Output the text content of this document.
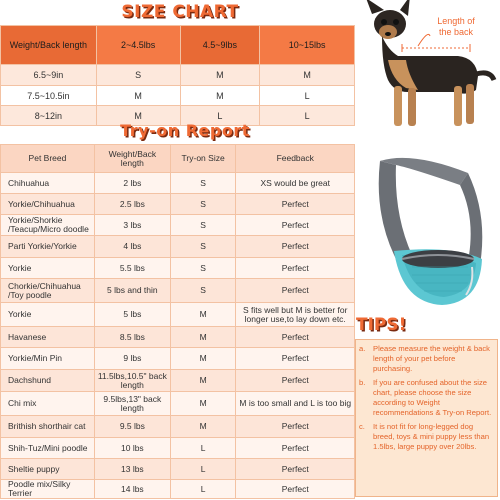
SIZE CHART
Weight/Back length	2~4.5lbs	4.5~9lbs	10~15lbs
6.5~9in	S	M	M
7.5~10.5in	M	M	L
8~12in	M	L	L
Length of
the back
Try-on Report
Pet Breed	Weight/Back length	Try-on Size	Feedback
Chihuahua	2 lbs	S	XS would be great
Yorkie/Chihuahua	2.5 lbs	S	Perfect
Yorkie/Shorkie /Teacup/Micro doodle	3 lbs	S	Perfect
Parti Yorkie/Yorkie	4 lbs	S	Perfect
Yorkie	5.5 lbs	S	Perfect
Chorkie/Chihuahua /Toy poodle	5 lbs and thin	S	Perfect
Yorkie	5 lbs	M	S fits well but M is better for longer use,to lay down etc.
Havanese	8.5 lbs	M	Perfect
Yorkie/Min Pin	9 lbs	M	Perfect
Dachshund	11.5lbs,10.5" back length	M	Perfect
Chi mix	9.5lbs,13" back length	M	M is too small and L is too big
Brithish shorthair cat	9.5 lbs	M	Perfect
Shih-Tuz/Mini poodle	10 lbs	L	Perfect
Sheltie puppy	13 lbs	L	Perfect
Poodle mix/Silky Terrier	14 lbs	L	Perfect
TIPS!
a.	Please measure the weight & back length of your pet before purchasing.
b.	If you are confused about the size chart, please choose the size according to Weight recommendations & Try-on Report.
c.	It is not fit for long-legged dog breed, toys & mini puppy less than 1.5lbs, large puppy over 20lbs.
